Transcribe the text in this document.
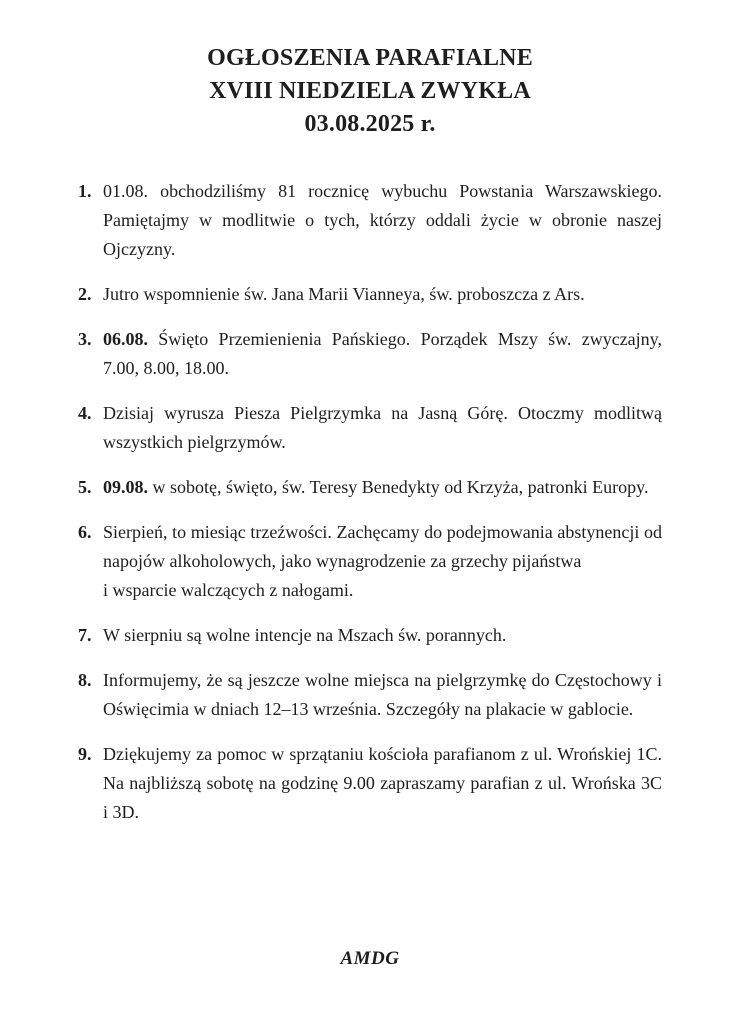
OGŁOSZENIA PARAFIALNE
XVIII NIEDZIELA ZWYKŁA
03.08.2025 r.
1. 01.08. obchodziliśmy 81 rocznicę wybuchu Powstania Warszawskiego. Pamiętajmy w modlitwie o tych, którzy oddali życie w obronie naszej Ojczyzny.
2. Jutro wspomnienie św. Jana Marii Vianneya, św. proboszcza z Ars.
3. 06.08. Święto Przemienienia Pańskiego. Porządek Mszy św. zwyczajny, 7.00, 8.00, 18.00.
4. Dzisiaj wyrusza Piesza Pielgrzymka na Jasną Górę. Otoczmy modlitwą wszystkich pielgrzymów.
5. 09.08. w sobotę, święto, św. Teresy Benedykty od Krzyża, patronki Europy.
6. Sierpień, to miesiąc trzeźwości. Zachęcamy do podejmowania abstynencji od napojów alkoholowych, jako wynagrodzenie za grzechy pijaństwa
i wsparcie walczących z nałogami.
7. W sierpniu są wolne intencje na Mszach św. porannych.
8. Informujemy, że są jeszcze wolne miejsca na pielgrzymkę do Częstochowy i Oświęcimia w dniach 12–13 września. Szczegóły na plakacie w gablocie.
9. Dziękujemy za pomoc w sprzątaniu kościoła parafianom z ul. Wrońskiej 1C. Na najbliższą sobotę na godzinę 9.00 zapraszamy parafian z ul. Wrońska 3C i 3D.
AMDG
